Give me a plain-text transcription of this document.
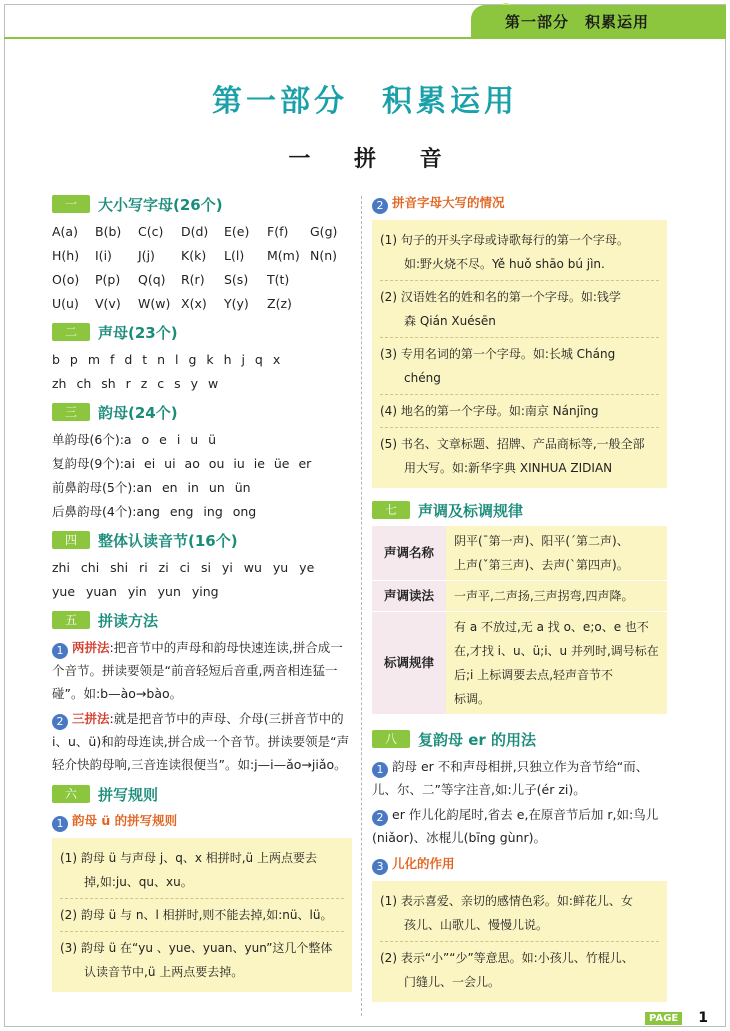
第一部分　积累运用
第一部分　积累运用
一 拼 音
一	大小写字母(26个)
A(a)	B(b)	C(c)	D(d)	E(e)	F(f)	G(g)
H(h)	I(i)	J(j)	K(k)	L(l)	M(m) N(n)
O(o)	P(p)	Q(q)	R(r)	S(s)	T(t)
U(u)	V(v)	W(w) X(x)	Y(y)	Z(z)
二	声母(23个)
b p m f d t n l g k h j q x
zh ch sh r z c s y w
三	韵母(24个)
单韵母(6个):a o e i u ü
复韵母(9个):ai ei ui ao ou iu ie üe er
前鼻韵母(5个):an en in un ün
后鼻韵母(4个):ang eng ing ong
四	整体认读音节(16个)
zhi chi shi ri zi ci si yi wu yu ye
yue yuan yin yun ying
五	拼读方法
1 两拼法:把音节中的声母和韵母快速连读,拼合成一个音节。拼读要领是“前音轻短后音重,两音相连猛一碰”。如:b—ào→bào。
2 三拼法:就是把音节中的声母、介母(三拼音节中的i、u、ü)和韵母连读,拼合成一个音节。拼读要领是“声轻介快韵母响,三音连读很便当”。如:j—i—ǎo→jiǎo。
六	拼写规则
1 韵母 ü 的拼写规则
(1) 韵母 ü 与声母 j、q、x 相拼时,ü 上两点要去
掉,如:ju、qu、xu。
(2) 韵母 ü 与 n、l 相拼时,则不能去掉,如:nü、lü。
(3) 韵母 ü 在“yu 、yue、yuan、yun”这几个整体
认读音节中,ü 上两点要去掉。
2 拼音字母大写的情况
(1) 句子的开头字母或诗歌每行的第一个字母。
如:野火烧不尽。Yě huǒ shāo bú jìn.
(2) 汉语姓名的姓和名的第一个字母。如:钱学
森 Qián Xuésēn
(3) 专用名词的第一个字母。如:长城 Cháng
chéng
(4) 地名的第一个字母。如:南京 Nánjīng
(5) 书名、文章标题、招牌、产品商标等,一般全部
用大写。如:新华字典 XINHUA ZIDIAN
七	声调及标调规律
声调名称	阴平(ˉ第一声)、阳平(ˊ第二声)、
上声(ˇ第三声)、去声(ˋ第四声)。

声调读法	一声平,二声扬,三声拐弯,四声降。

标调规律	有 a 不放过,无 a 找 o、e;o、e 也不
在,才找 i、u、ü;i、u 并列时,调号标在
后;i 上标调要去点,轻声音节不
标调。
八	复韵母 er 的用法
1 韵母 er 不和声母相拼,只独立作为音节给“而、儿、尔、二”等字注音,如:儿子(ér zi)。
2 er 作儿化韵尾时,省去 e,在原音节后加 r,如:鸟儿(niǎor)、冰棍儿(bīng gùnr)。
3 儿化的作用
(1) 表示喜爱、亲切的感情色彩。如:鲜花儿、女
孩儿、山歌儿、慢慢儿说。
(2) 表示“小”“少”等意思。如:小孩儿、竹棍儿、
门缝儿、一会儿。
PAGE 1
